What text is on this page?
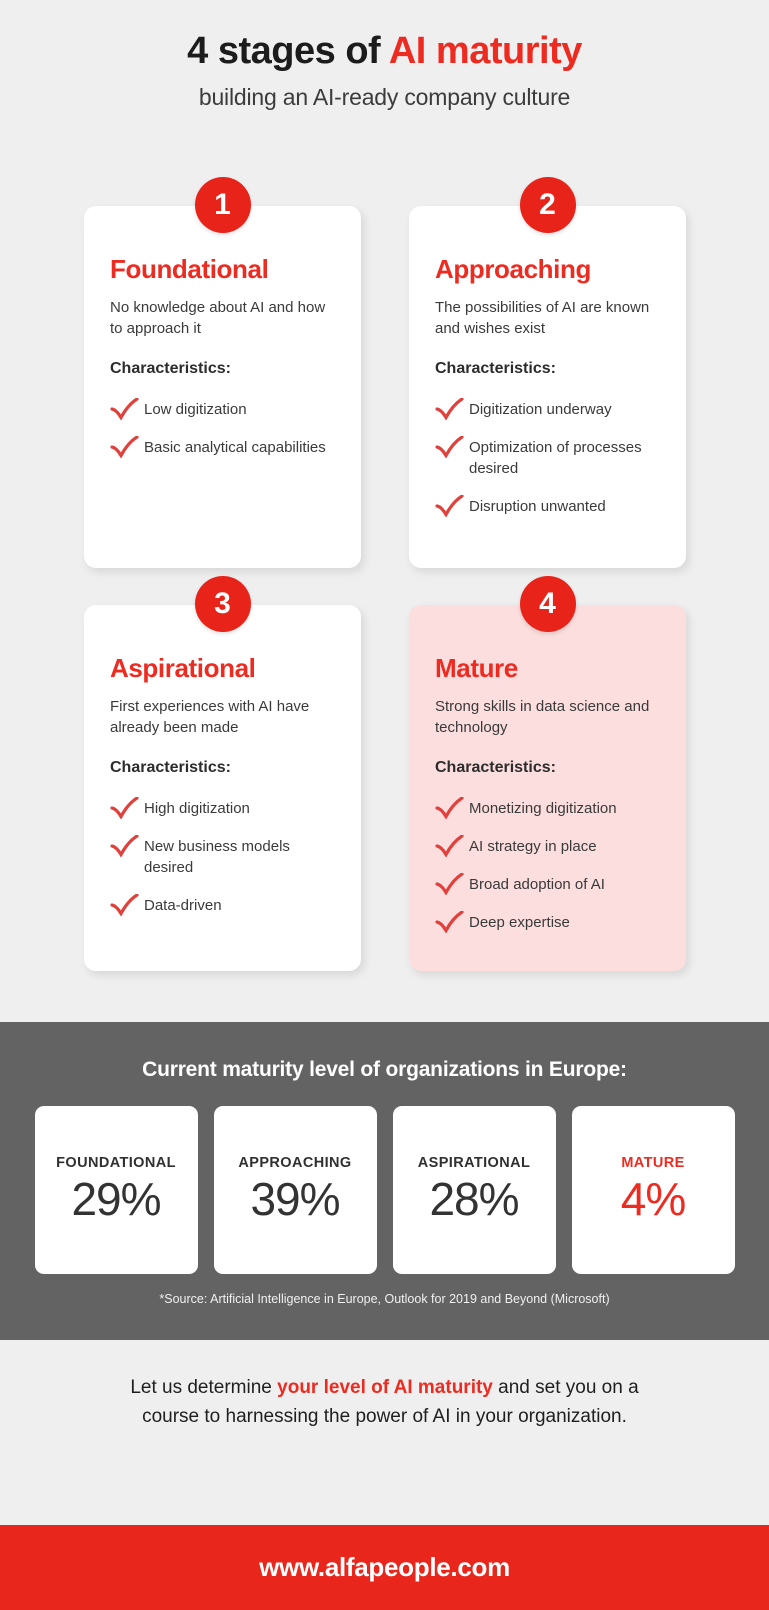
4 stages of AI maturity

building an AI-ready company culture

1
Foundational
No knowledge about AI and how to approach it
Characteristics:
Low digitization
Basic analytical capabilities
2
Approaching
The possibilities of AI are known and wishes exist
Characteristics:
Digitization underway
Optimization of processes desired
Disruption unwanted
3
Aspirational
First experiences with AI have already been made
Characteristics:
High digitization
New business models desired
Data-driven
4
Mature
Strong skills in data science and technology
Characteristics:
Monetizing digitization
AI strategy in place
Broad adoption of AI
Deep expertise
Current maturity level of organizations in Europe:
FOUNDATIONAL
29%
APPROACHING
39%
ASPIRATIONAL
28%
MATURE
4%
*Source: Artificial Intelligence in Europe, Outlook for 2019 and Beyond (Microsoft)

Let us determine your level of AI maturity and set you on a course to harnessing the power of AI in your organization.

www.alfapeople.com
